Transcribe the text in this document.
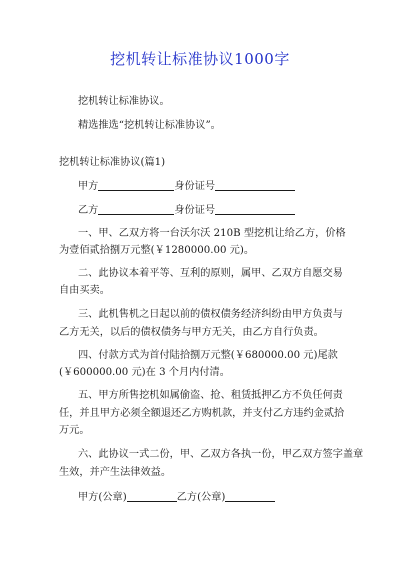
挖机转让标准协议1000字
挖机转让标准协议。
精选推选“挖机转让标准协议”。
挖机转让标准协议(篇1)
甲方	身份证号
乙方	身份证号
一、甲、乙双方将一台沃尔沃 210B 型挖机让给乙方，价格
为壹佰贰拾捌万元整(￥1280000.00 元)。
二、此协议本着平等、互利的原则，属甲、乙双方自愿交易
自由买卖。
三、此机售机之日起以前的债权债务经济纠纷由甲方负责与
乙方无关，以后的债权债务与甲方无关，由乙方自行负责。
四、付款方式为首付陆拾捌万元整(￥680000.00 元)尾款
(￥600000.00 元)在 3 个月内付清。
五、甲方所售挖机如属偷盗、抢、租赁抵押乙方不负任何责
任，并且甲方必须全额退还乙方购机款，并支付乙方违约金贰拾
万元。
六、此协议一式二份，甲、乙双方各执一份，甲乙双方签字盖章
生效，并产生法律效益。
甲方(公章)	乙方(公章)
